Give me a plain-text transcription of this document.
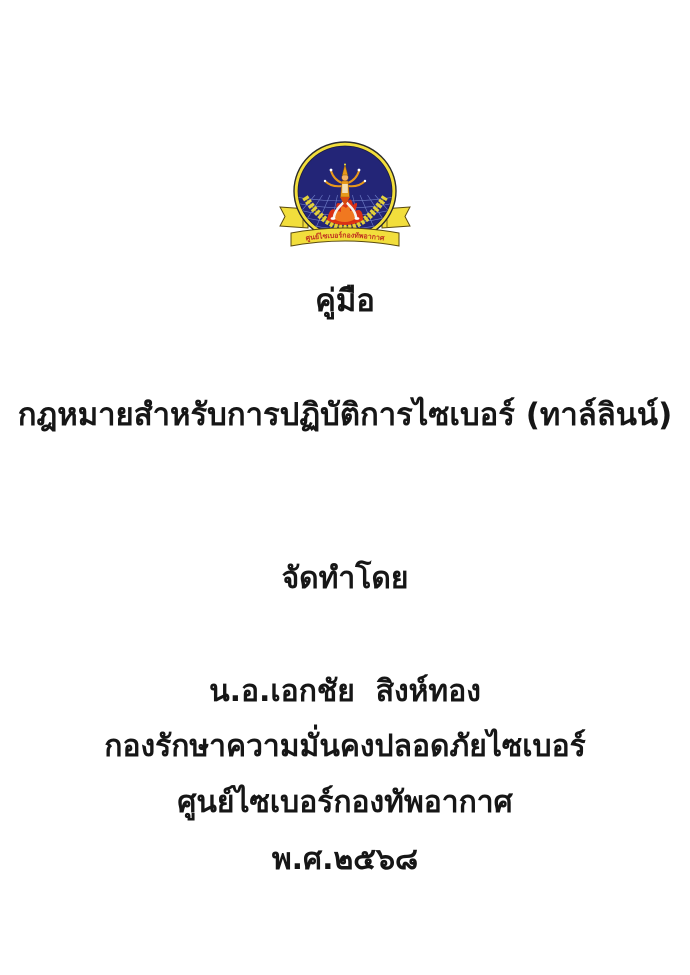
ศูนย์ไซเบอร์กองทัพอากาศ
คู่มือ
กฎหมายสำหรับการปฏิบัติการไซเบอร์ (ทาล์ลินน์)
จัดทำโดย
น.อ.เอกชัย  สิงห์ทอง
กองรักษาความมั่นคงปลอดภัยไซเบอร์
ศูนย์ไซเบอร์กองทัพอากาศ
พ.ศ.๒๕๖๘
